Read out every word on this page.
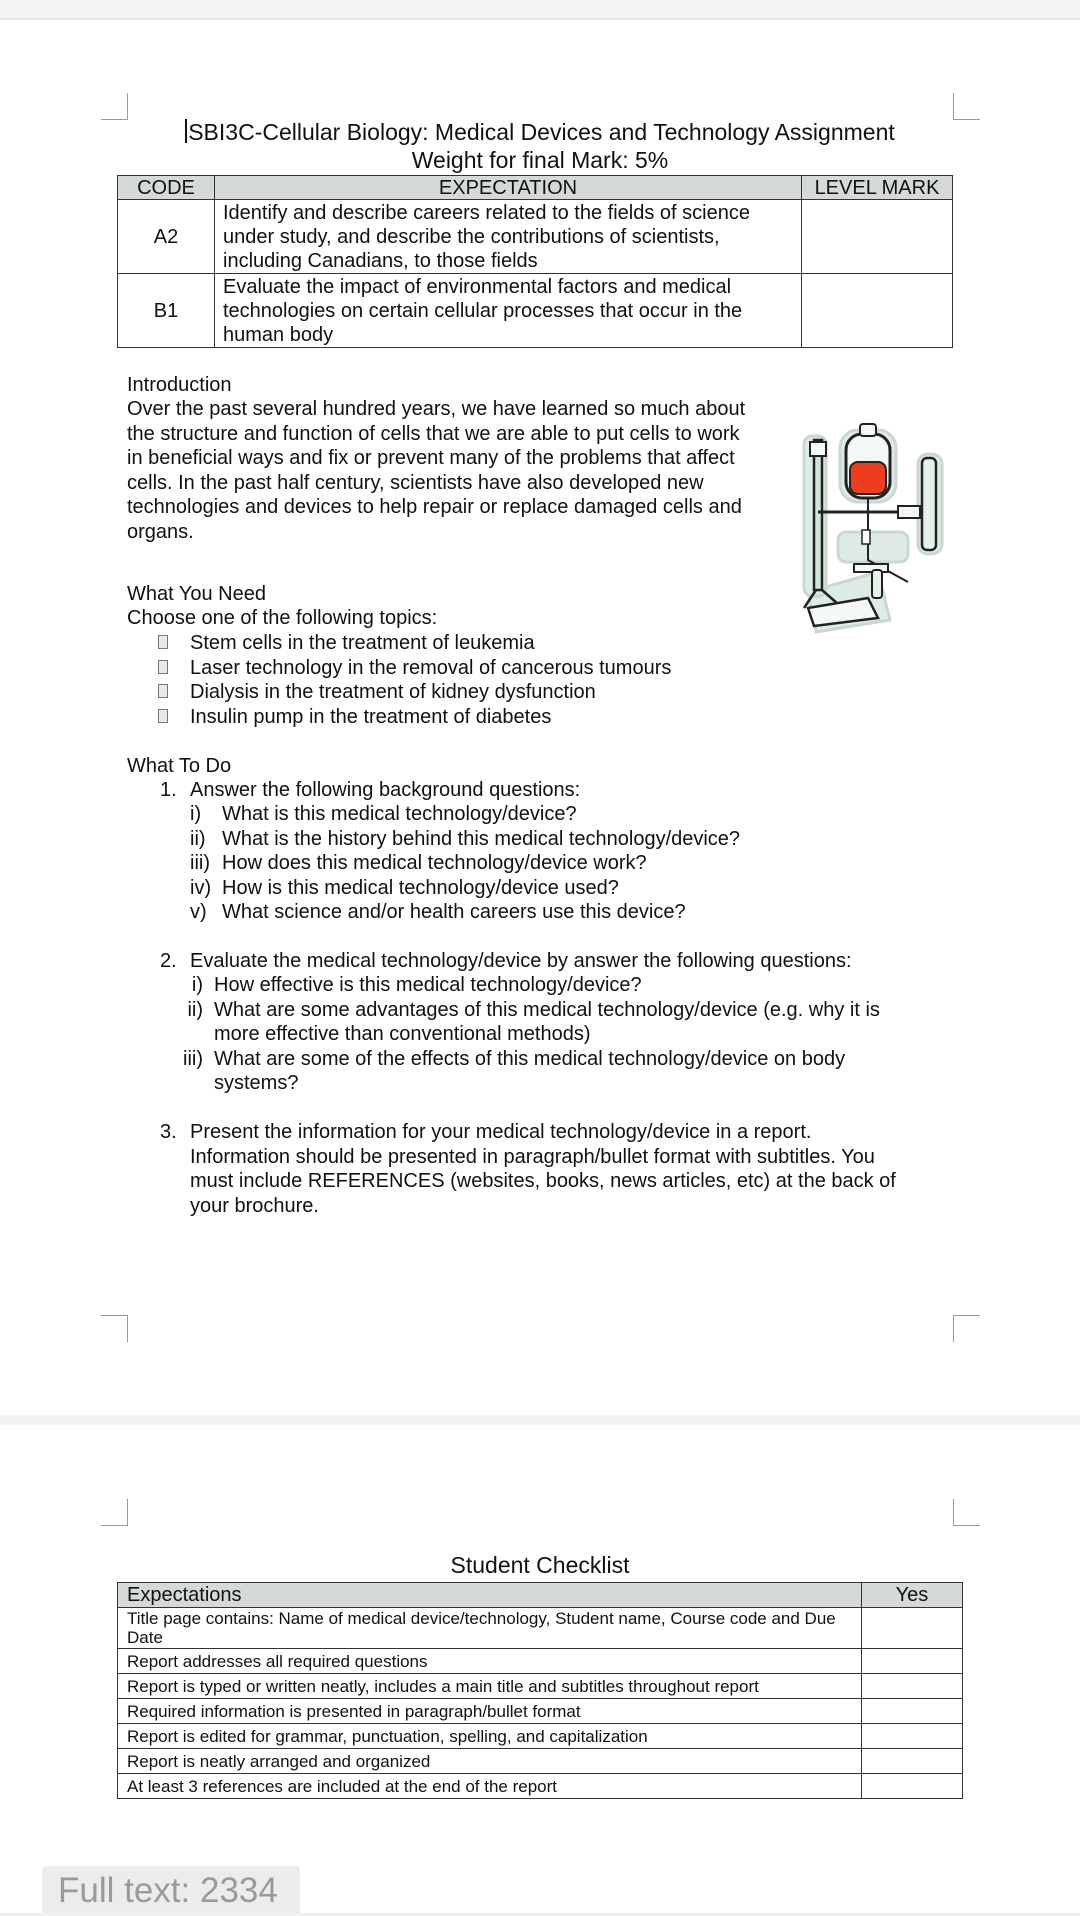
SBI3C-Cellular Biology: Medical Devices and Technology Assignment
Weight for final Mark: 5%
CODE	EXPECTATION	LEVEL MARK
A2	Identify and describe careers related to the fields of science
under study, and describe the contributions of scientists,
including Canadians, to those fields	

B1	Evaluate the impact of environmental factors and medical
technologies on certain cellular processes that occur in the
human body	

Introduction
Over the past several hundred years, we have learned so much about
the structure and function of cells that we are able to put cells to work
in beneficial ways and fix or prevent many of the problems that affect
cells. In the past half century, scientists have also developed new
technologies and devices to help repair or replace damaged cells and
organs.
What You Need
Choose one of the following topics:
Stem cells in the treatment of leukemia
Laser technology in the removal of cancerous tumours
Dialysis in the treatment of kidney dysfunction
Insulin pump in the treatment of diabetes
What To Do
1. Answer the following background questions:
i) What is this medical technology/device?
ii) What is the history behind this medical technology/device?
iii) How does this medical technology/device work?
iv) How is this medical technology/device used?
v) What science and/or health careers use this device?
2. Evaluate the medical technology/device by answer the following questions:
i) How effective is this medical technology/device?
ii) What are some advantages of this medical technology/device (e.g. why it is
more effective than conventional methods)
iii) What are some of the effects of this medical technology/device on body
systems?
3. Present the information for your medical technology/device in a report.
Information should be presented in paragraph/bullet format with subtitles. You
must include REFERENCES (websites, books, news articles, etc) at the back of
your brochure.
Student Checklist
Expectations	Yes
Title page contains: Name of medical device/technology, Student name, Course code and Due Date	
Report addresses all required questions	
Report is typed or written neatly, includes a main title and subtitles throughout report	
Required information is presented in paragraph/bullet format	
Report is edited for grammar, punctuation, spelling, and capitalization	
Report is neatly arranged and organized	
At least 3 references are included at the end of the report	
Full text: 2334
